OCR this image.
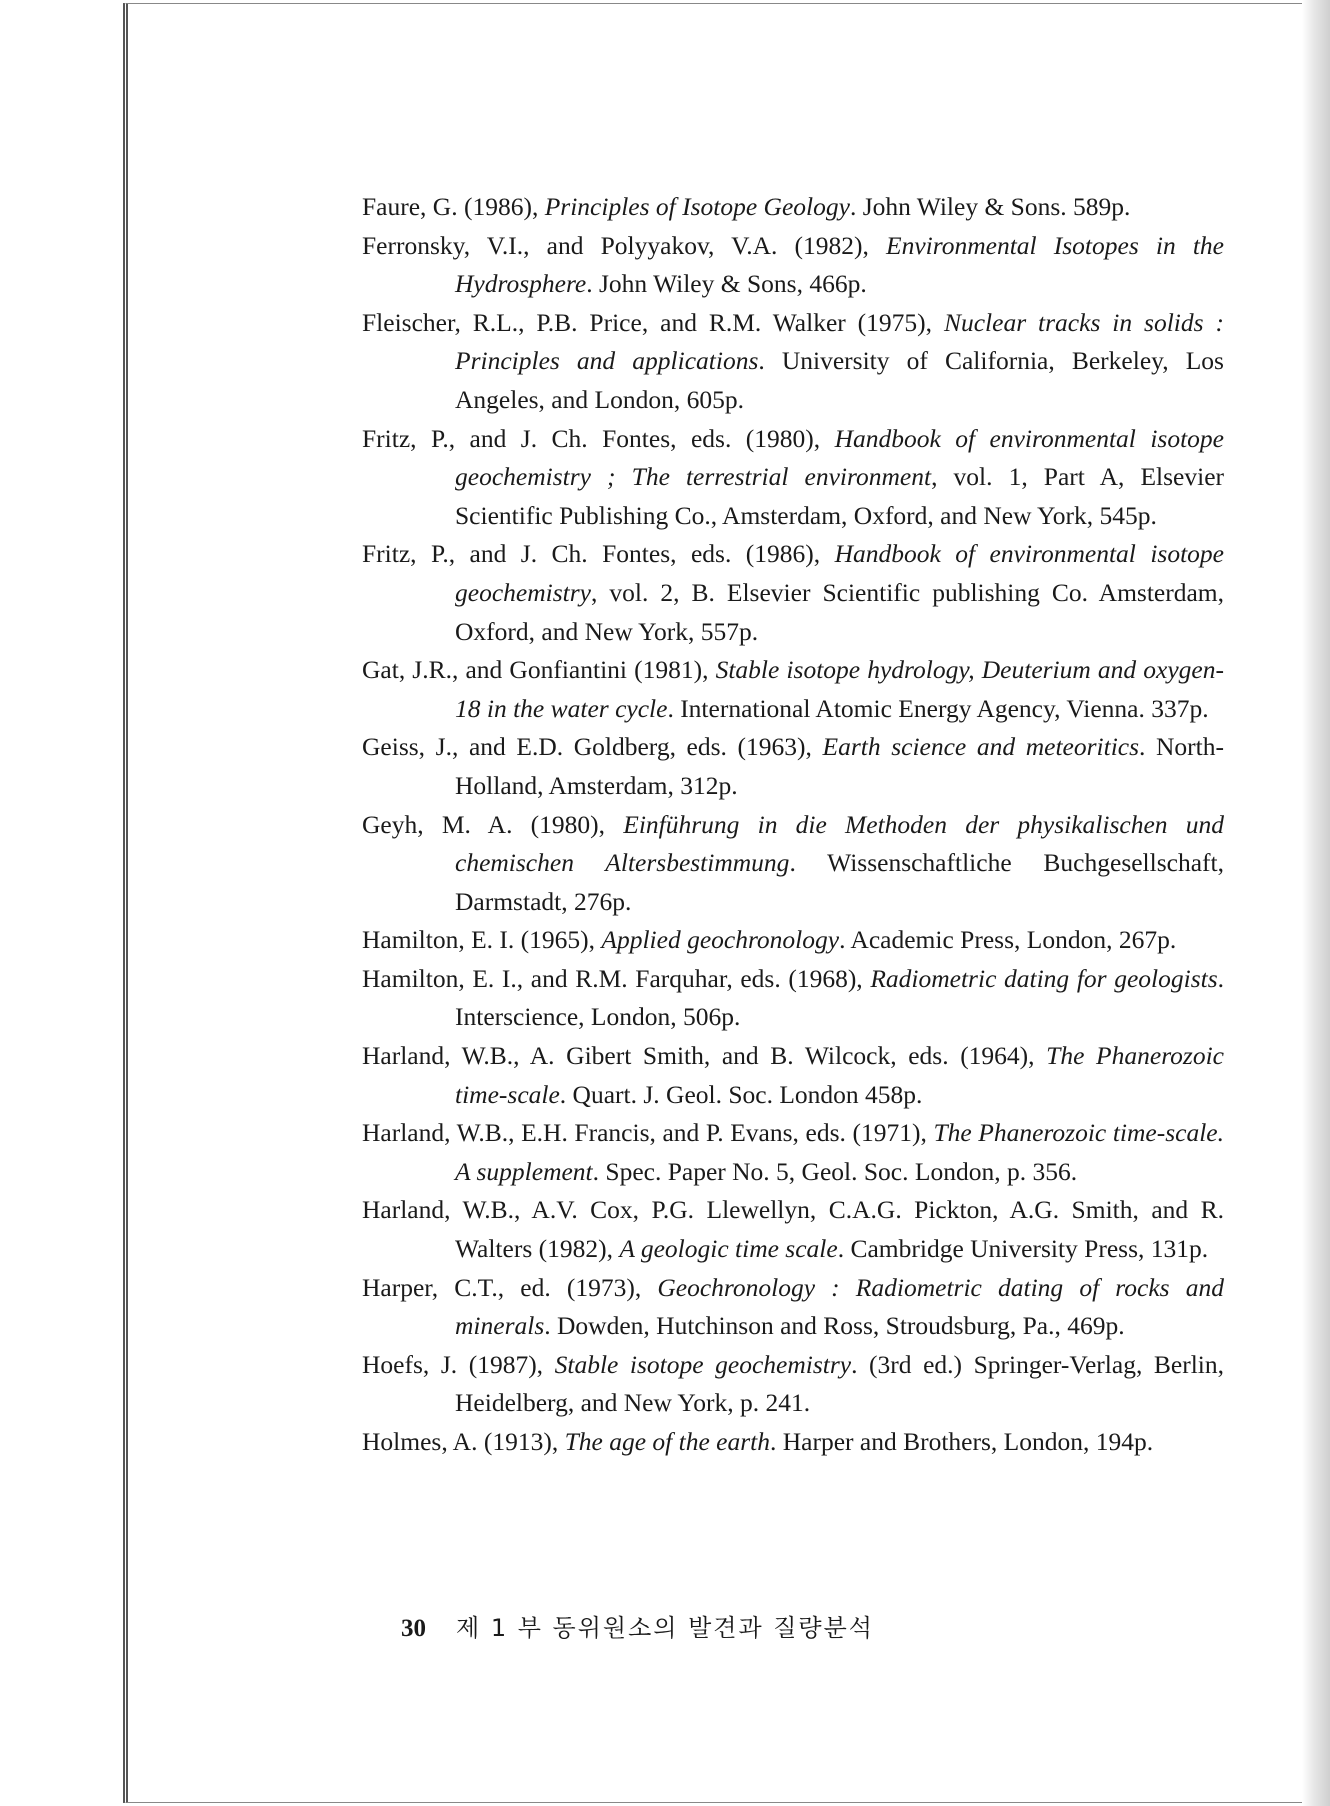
Faure, G. (1986), Principles of Isotope Geology. John Wiley & Sons. 589p.

Ferronsky, V.I., and Polyyakov, V.A. (1982), Environmental Isotopes in the Hydrosphere. John Wiley & Sons, 466p.

Fleischer, R.L., P.B. Price, and R.M. Walker (1975), Nuclear tracks in solids : Principles and applications. University of California, Berkeley, Los Angeles, and London, 605p.

Fritz, P., and J. Ch. Fontes, eds. (1980), Handbook of environmental isotope geochemistry ; The terrestrial environment, vol. 1, Part A, Elsevier Scientific Publishing Co., Amsterdam, Oxford, and New York, 545p.

Fritz, P., and J. Ch. Fontes, eds. (1986), Handbook of environmental isotope geochemistry, vol. 2, B. Elsevier Scientific publishing Co. Amsterdam, Oxford, and New York, 557p.

Gat, J.R., and Gonfiantini (1981), Stable isotope hydrology, Deuterium and oxygen-18 in the water cycle. International Atomic Energy Agency, Vienna. 337p.

Geiss, J., and E.D. Goldberg, eds. (1963), Earth science and meteoritics. North-Holland, Amsterdam, 312p.

Geyh, M. A. (1980), Einführung in die Methoden der physikalischen und chemischen Altersbestimmung. Wissenschaftliche Buchgesellschaft, Darmstadt, 276p.

Hamilton, E. I. (1965), Applied geochronology. Academic Press, London, 267p.

Hamilton, E. I., and R.M. Farquhar, eds. (1968), Radiometric dating for geologists. Interscience, London, 506p.

Harland, W.B., A. Gibert Smith, and B. Wilcock, eds. (1964), The Phanerozoic time-scale. Quart. J. Geol. Soc. London 458p.

Harland, W.B., E.H. Francis, and P. Evans, eds. (1971), The Phanerozoic time-scale. A supplement. Spec. Paper No. 5, Geol. Soc. London, p. 356.

Harland, W.B., A.V. Cox, P.G. Llewellyn, C.A.G. Pickton, A.G. Smith, and R. Walters (1982), A geologic time scale. Cambridge University Press, 131p.

Harper, C.T., ed. (1973), Geochronology : Radiometric dating of rocks and minerals. Dowden, Hutchinson and Ross, Stroudsburg, Pa., 469p.

Hoefs, J. (1987), Stable isotope geochemistry. (3rd ed.) Springer-Verlag, Berlin, Heidelberg, and New York, p. 241.

Holmes, A. (1913), The age of the earth. Harper and Brothers, London, 194p.

30 제 1 부 동위원소의 발견과 질량분석
